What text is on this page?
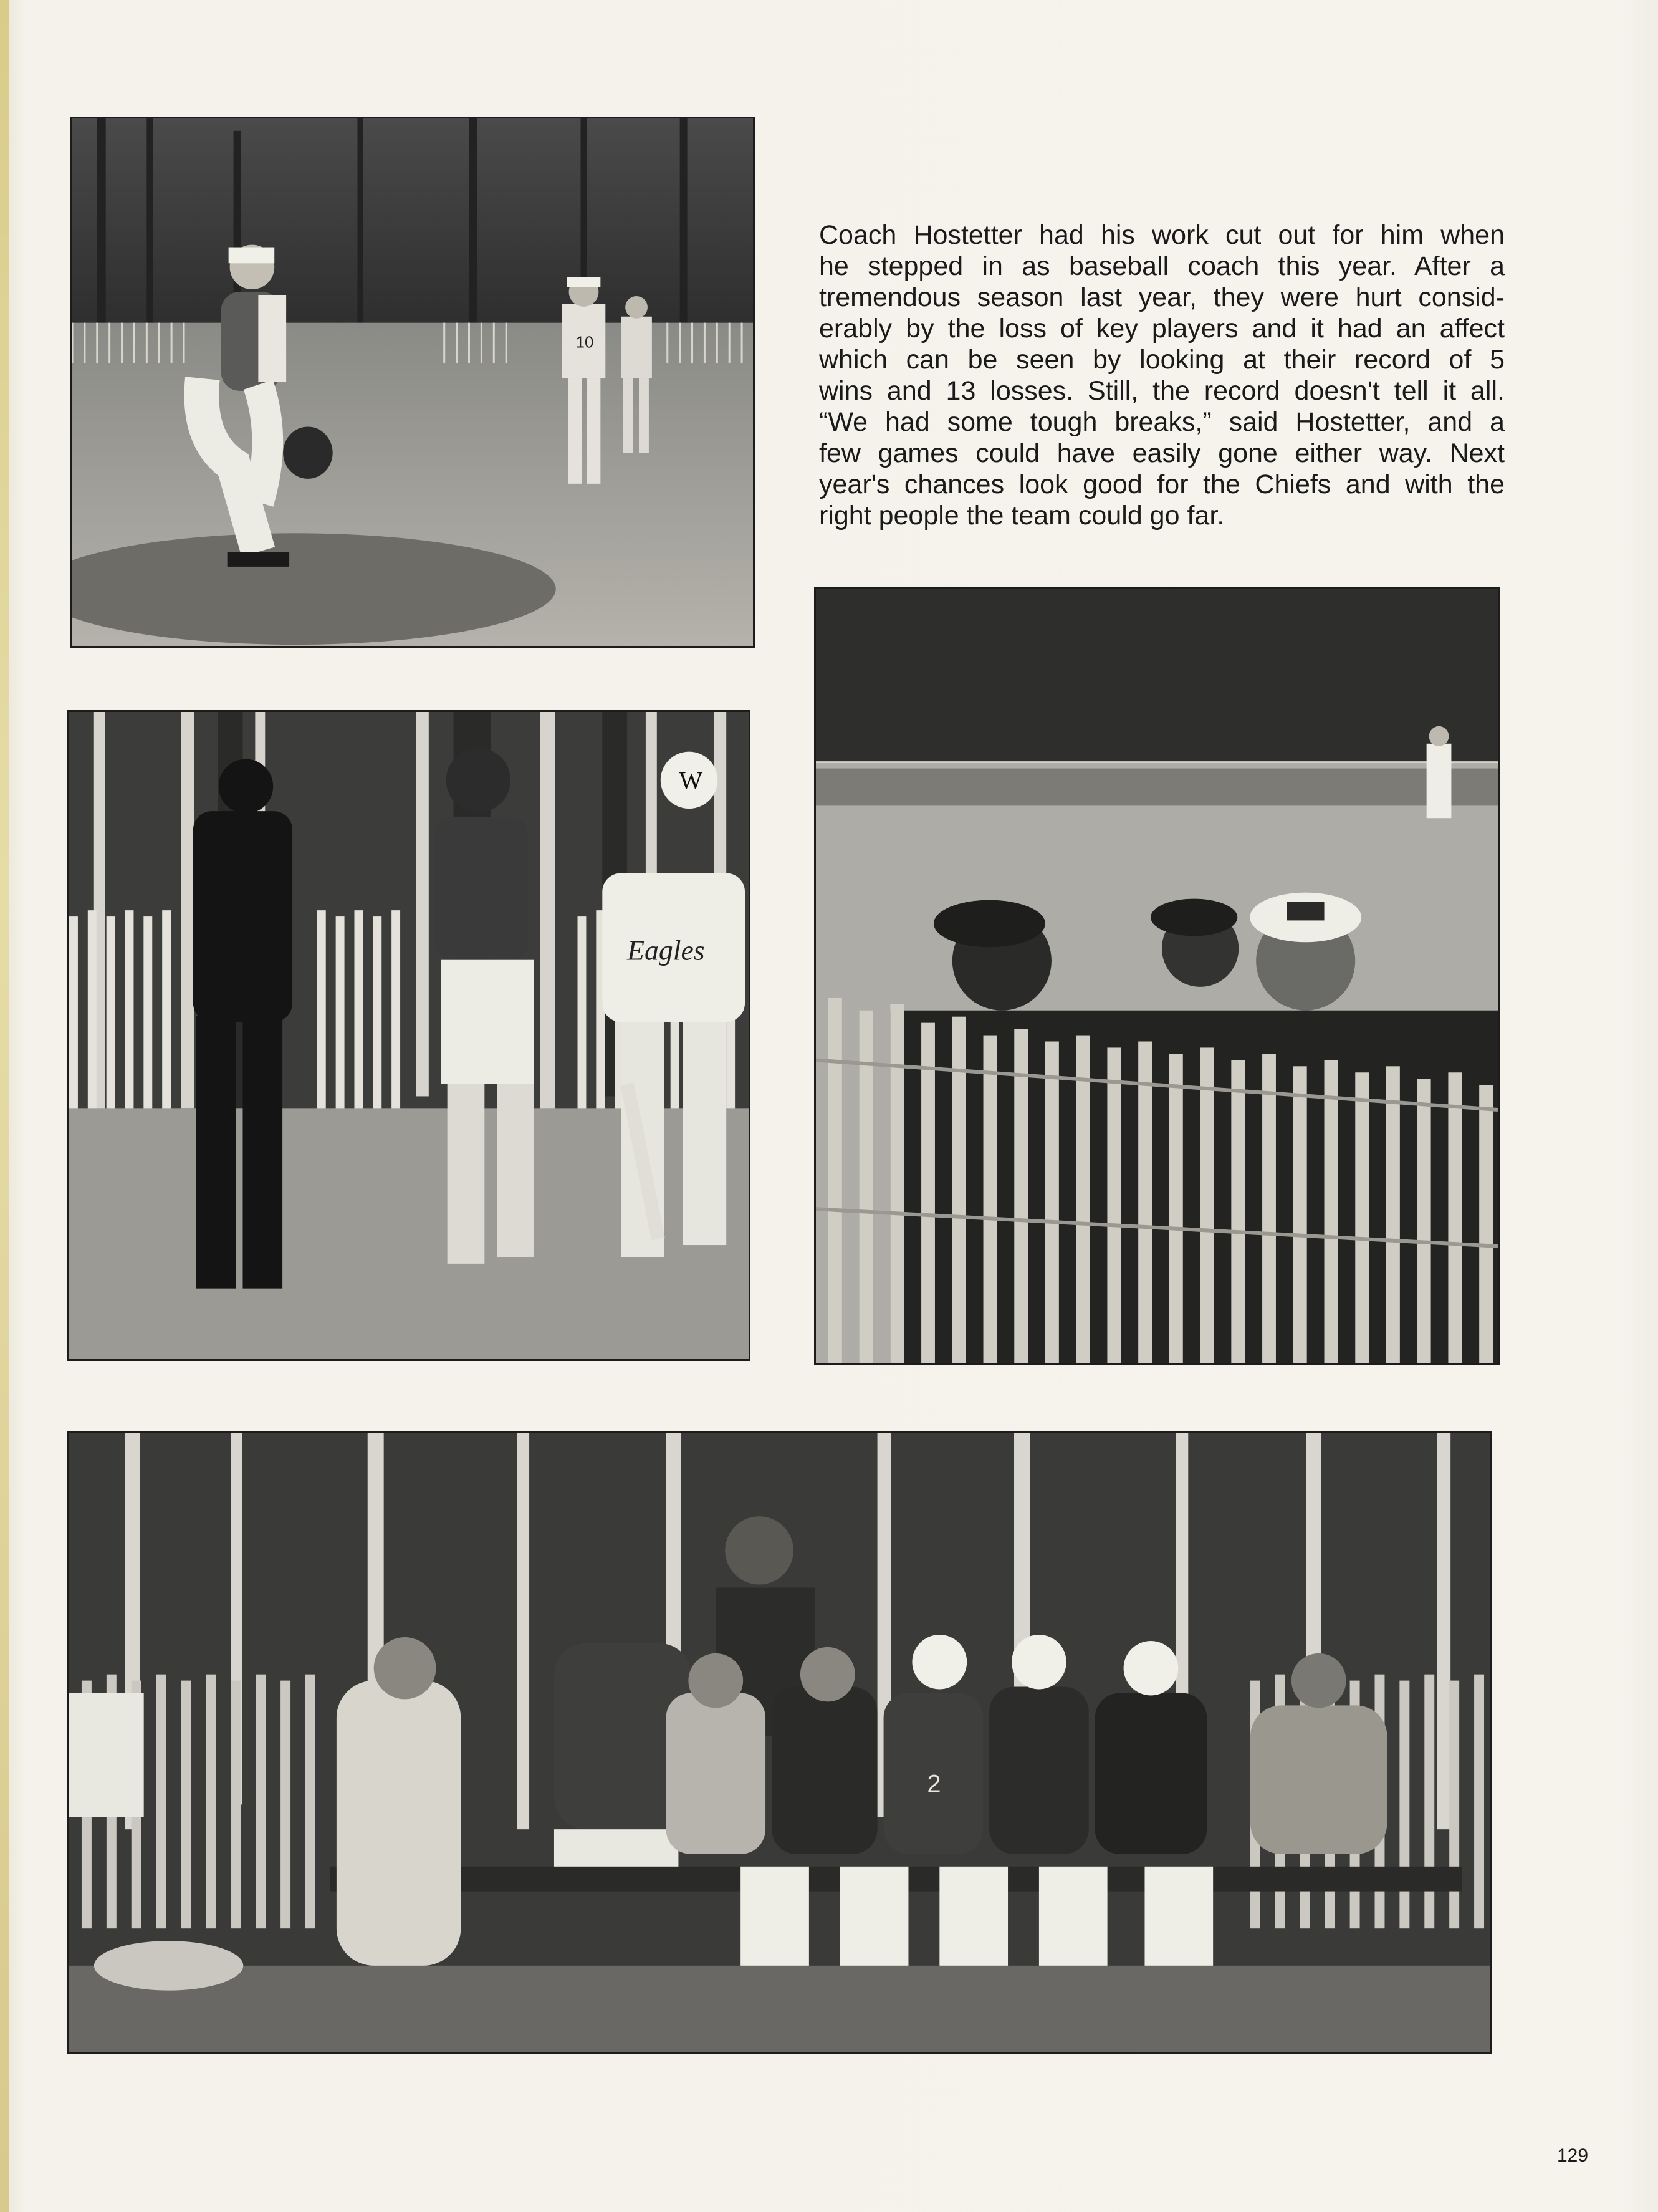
10

Coach Hostetter had his work cut out for him when
he stepped in as baseball coach this year. After a
tremendous season last year, they were hurt consid-
erably by the loss of key players and it had an affect
which can be seen by looking at their record of 5
wins and 13 losses. Still, the record doesn't tell it all.
“We had some tough breaks,” said Hostetter, and a
few games could have easily gone either way. Next
year's chances look good for the Chiefs and with the
right people the team could go far.

W
Eagles
2
129
